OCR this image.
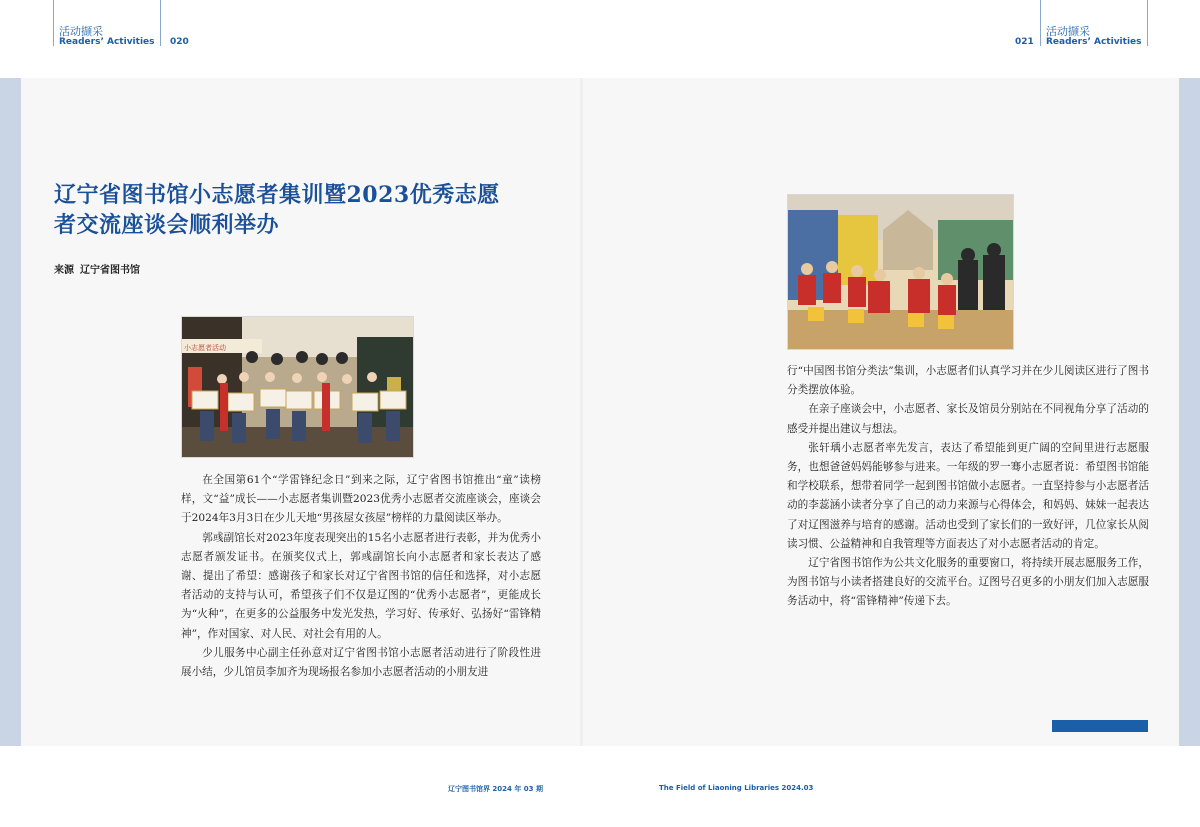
活动撷采
Readers’ Activities 020	021
活动撷采
Readers’ Activities
辽宁省图书馆小志愿者集训暨2023优秀志愿
者交流座谈会顺利举办
来源 辽宁省图书馆
小志愿者活动

在全国第61个“学雷锋纪念日”到来之际，辽宁省图书馆推出“童”读榜样，文“益”成长——小志愿者集训暨2023优秀小志愿者交流座谈会，座谈会于2024年3月3日在少儿天地“男孩屋女孩屋”榜样的力量阅读区举办。

郭彧副馆长对2023年度表现突出的15名小志愿者进行表彰，并为优秀小志愿者颁发证书。在颁奖仪式上，郭彧副馆长向小志愿者和家长表达了感谢、提出了希望：感谢孩子和家长对辽宁省图书馆的信任和选择，对小志愿者活动的支持与认可，希望孩子们不仅是辽图的“优秀小志愿者”，更能成长为“火种”，在更多的公益服务中发光发热，学习好、传承好、弘扬好“雷锋精神”，作对国家、对人民、对社会有用的人。

少儿服务中心副主任孙意对辽宁省图书馆小志愿者活动进行了阶段性进展小结，少儿馆员李加齐为现场报名参加小志愿者活动的小朋友进

行“中国图书馆分类法”集训，小志愿者们认真学习并在少儿阅读区进行了图书分类摆放体验。

在亲子座谈会中，小志愿者、家长及馆员分别站在不同视角分享了活动的感受并提出建议与想法。

张轩瑀小志愿者率先发言，表达了希望能到更广阔的空间里进行志愿服务，也想爸爸妈妈能够参与进来。一年级的罗一骞小志愿者说：希望图书馆能和学校联系，想带着同学一起到图书馆做小志愿者。一直坚持参与小志愿者活动的李蕊涵小读者分享了自己的动力来源与心得体会，和妈妈、妹妹一起表达了对辽图滋养与培育的感谢。活动也受到了家长们的一致好评，几位家长从阅读习惯、公益精神和自我管理等方面表达了对小志愿者活动的肯定。

辽宁省图书馆作为公共文化服务的重要窗口，将持续开展志愿服务工作，为图书馆与小读者搭建良好的交流平台。辽图号召更多的小朋友们加入志愿服务活动中，将“雷锋精神”传递下去。

辽宁图书馆界 2024 年 03 期	The Field of Liaoning Libraries 2024.03
